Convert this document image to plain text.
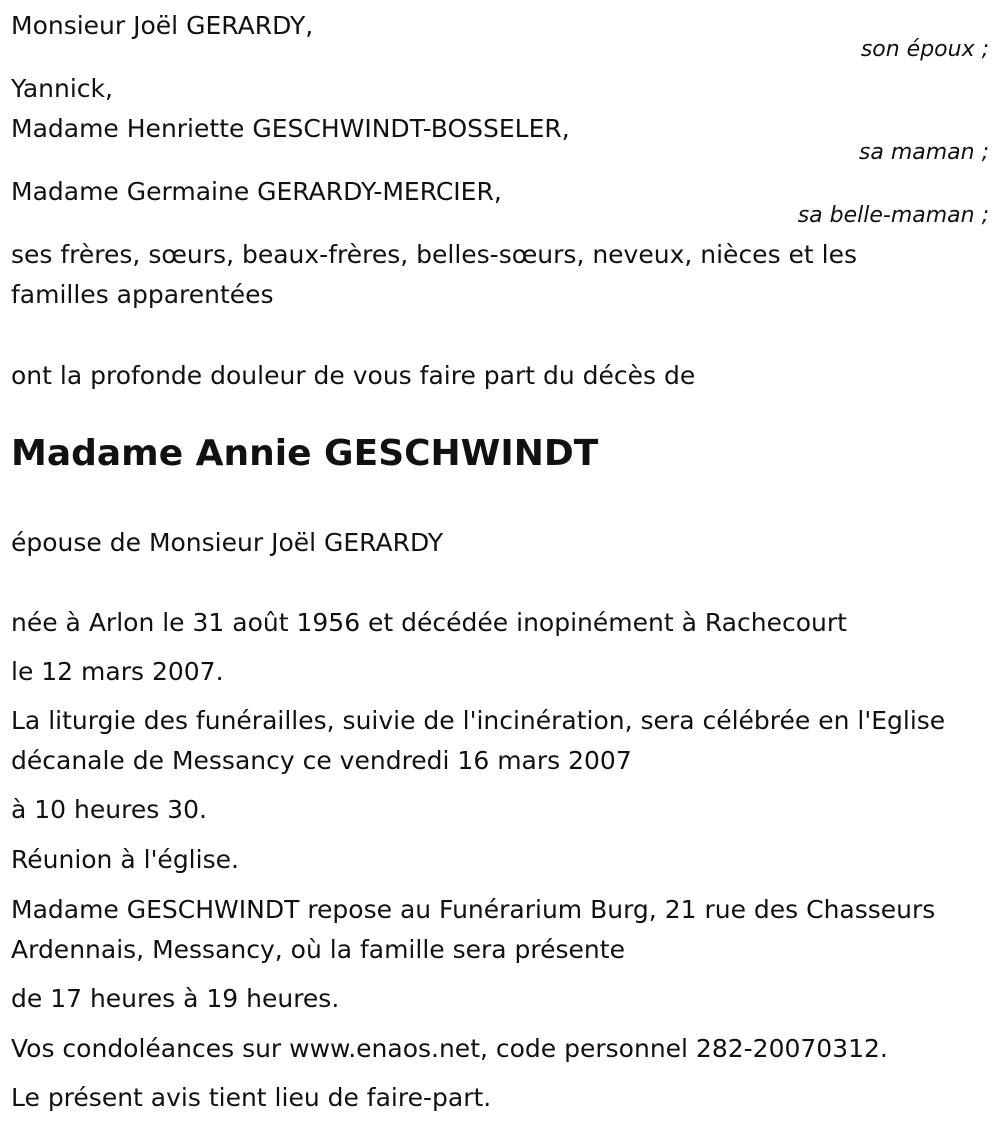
Monsieur Joël GERARDY,
son époux ;
Yannick,
Madame Henriette GESCHWINDT-BOSSELER,
sa maman ;
Madame Germaine GERARDY-MERCIER,
sa belle-maman ;
ses frères, sœurs, beaux-frères, belles-sœurs, neveux, nièces et les
familles apparentées
ont la profonde douleur de vous faire part du décès de
Madame Annie GESCHWINDT
épouse de Monsieur Joël GERARDY
née à Arlon le 31 août 1956 et décédée inopinément à Rachecourt
le 12 mars 2007.
La liturgie des funérailles, suivie de l'incinération, sera célébrée en l'Eglise
décanale de Messancy ce vendredi 16 mars 2007
à 10 heures 30.
Réunion à l'église.
Madame GESCHWINDT repose au Funérarium Burg, 21 rue des Chasseurs
Ardennais, Messancy, où la famille sera présente
de 17 heures à 19 heures.
Vos condoléances sur www.enaos.net, code personnel 282-20070312.
Le présent avis tient lieu de faire-part.
